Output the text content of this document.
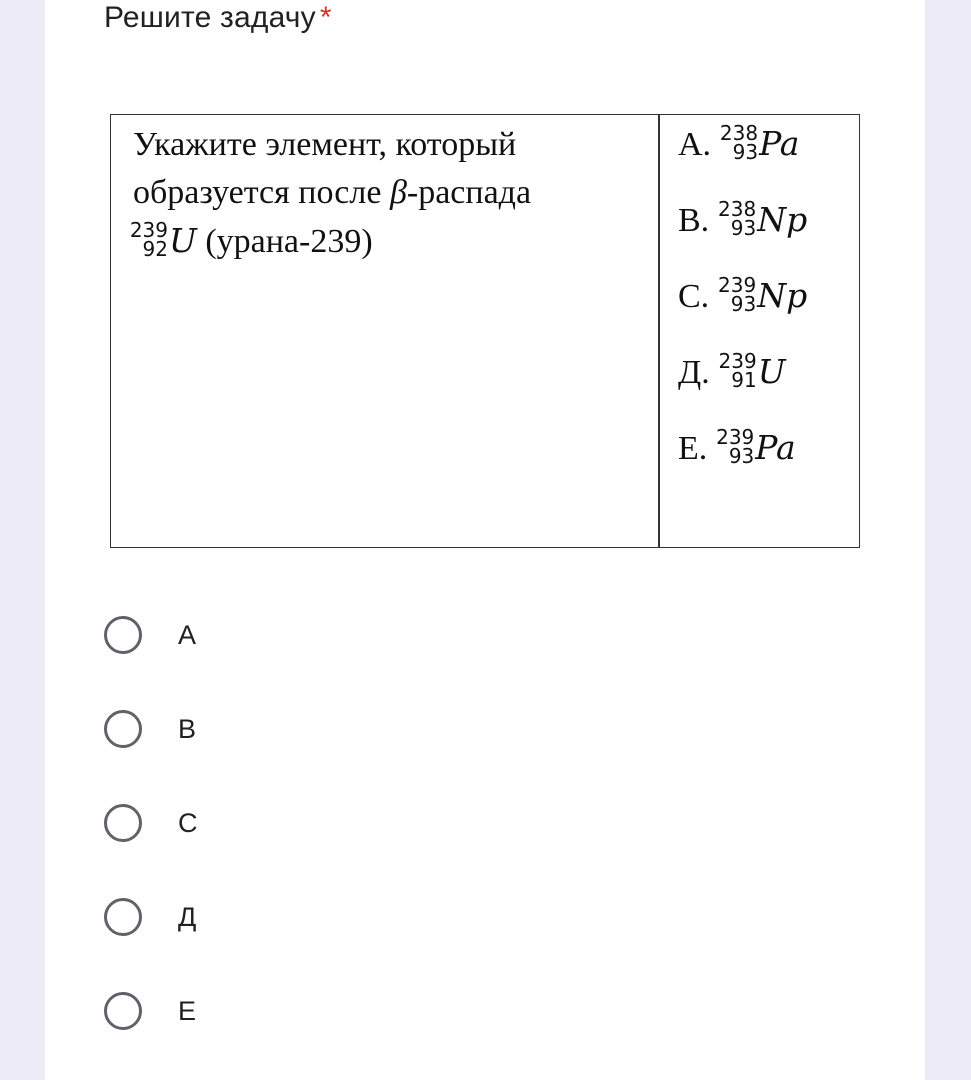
Решите задачу *
Укажите элемент, который
образуется после β-распада
239
92 U (урана-239)
A. 238
93 Pa
B. 238
93 Np
C. 239
93 Np
Д. 239
91 U
E. 239
93 Pa
A
B
C
Д
E
